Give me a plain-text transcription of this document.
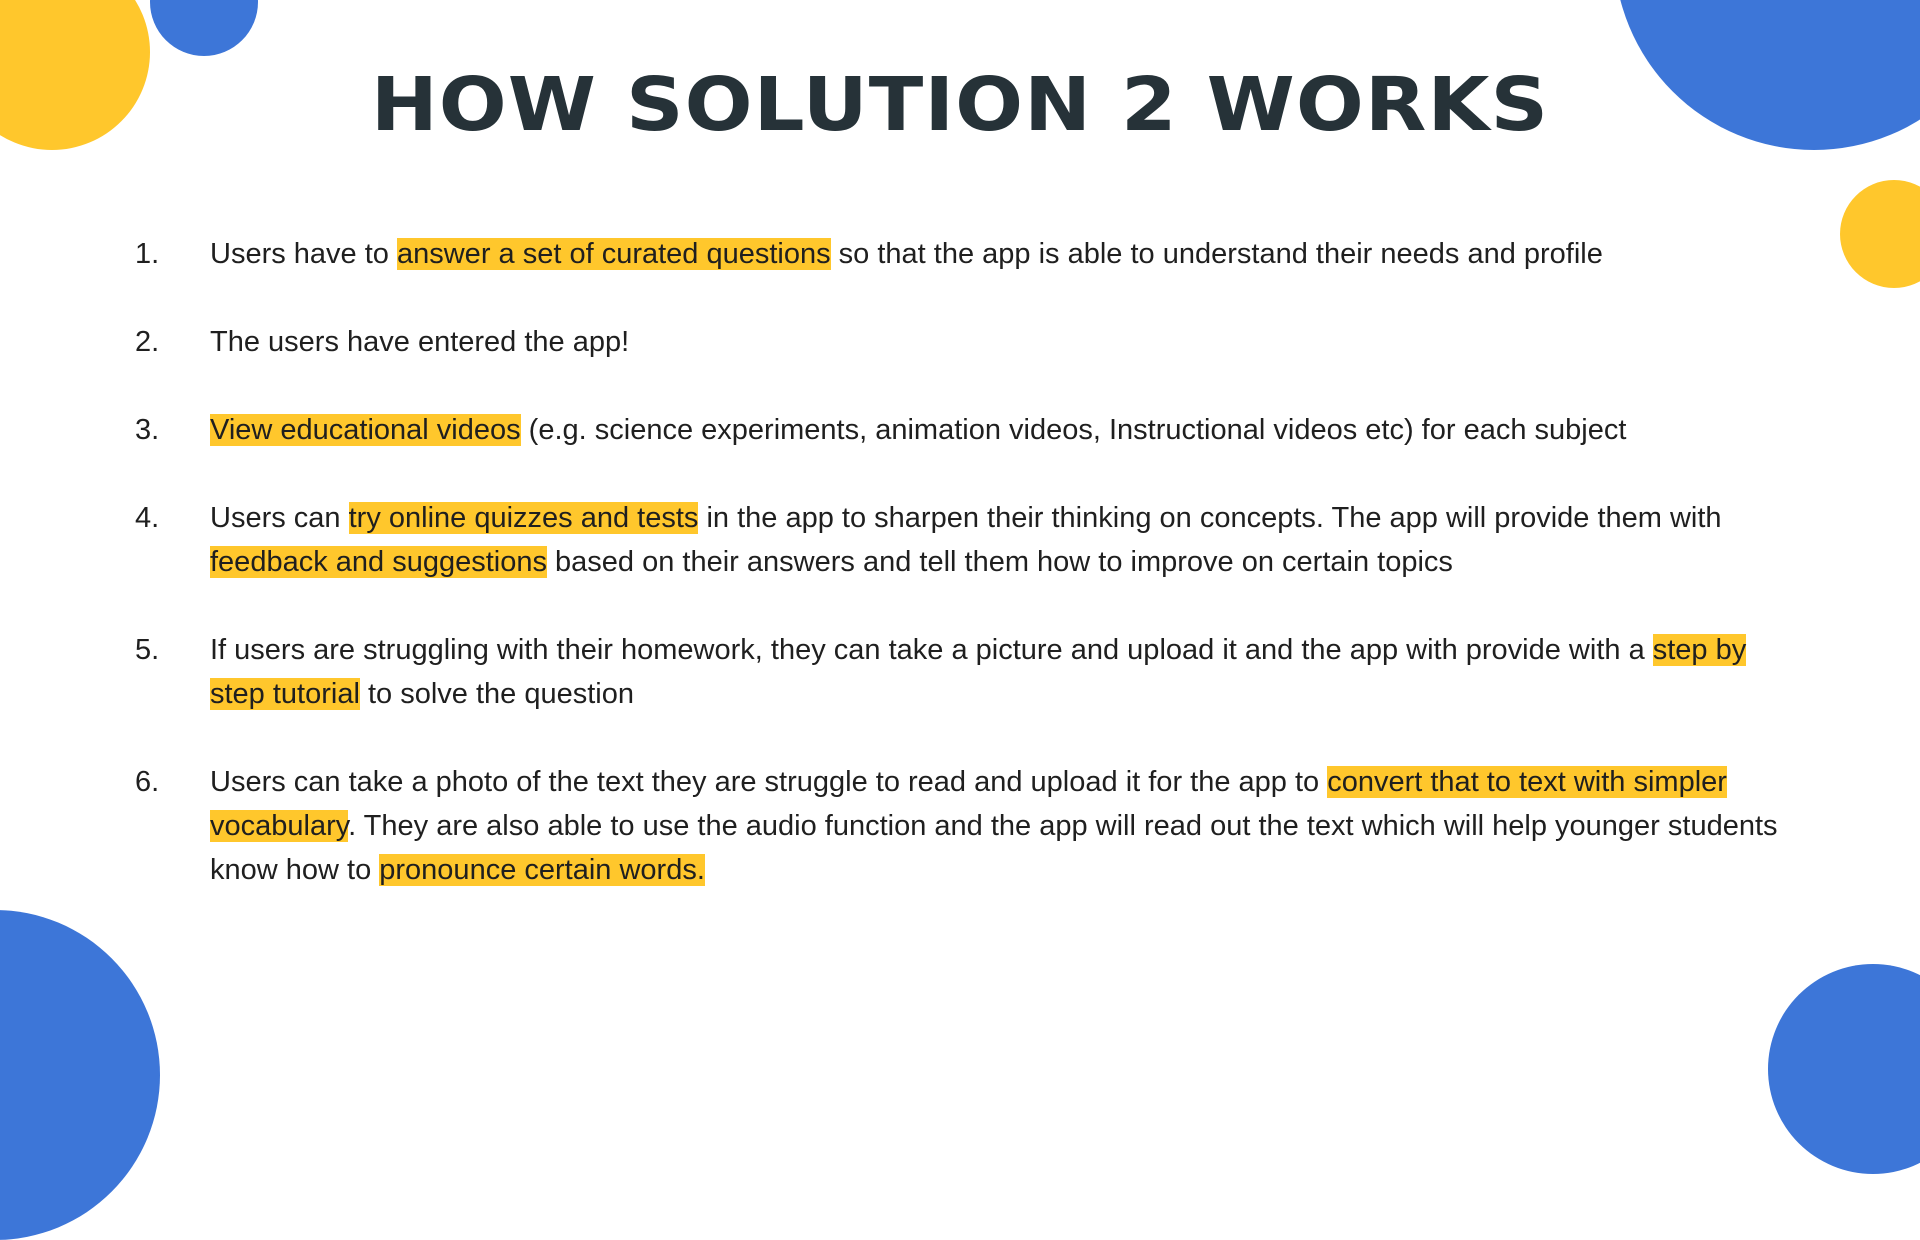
HOW SOLUTION 2 WORKS
1.	Users have to answer a set of curated questions so that the app is able to understand their needs and profile
2.	The users have entered the app!
3.	View educational videos (e.g. science experiments, animation videos, Instructional videos etc) for each subject
4.	Users can try online quizzes and tests in the app to sharpen their thinking on concepts. The app will provide them with feedback and suggestions based on their answers and tell them how to improve on certain topics
5.	If users are struggling with their homework, they can take a picture and upload it and the app with provide with a step by step tutorial to solve the question
6.	Users can take a photo of the text they are struggle to read and upload it for the app to convert that to text with simpler vocabulary. They are also able to use the audio function and the app will read out the text which will help younger students know how to pronounce certain words.
